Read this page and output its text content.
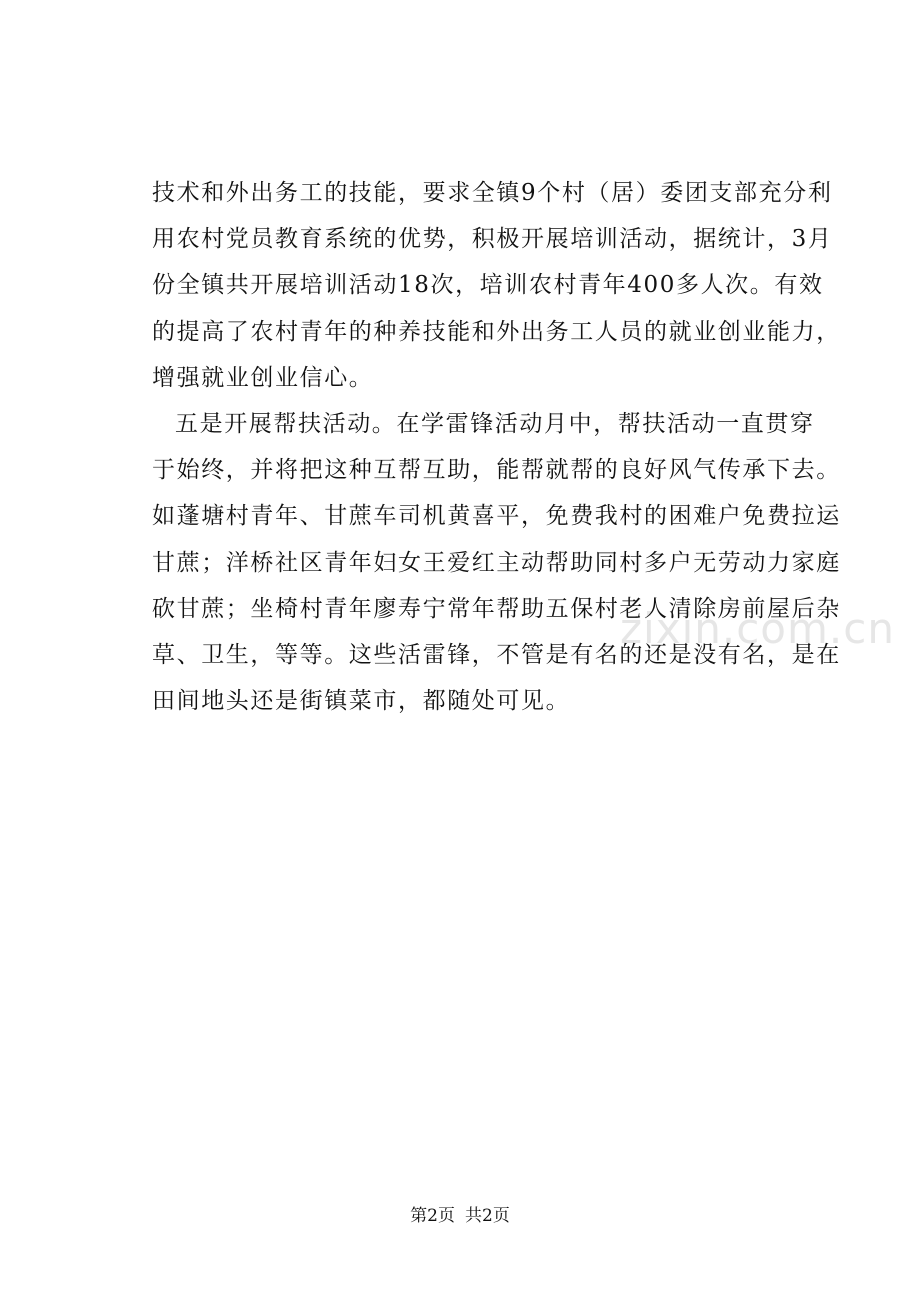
zixin.com.cn
技术和外出务工的技能，要求全镇9个村（居）委团支部充分利
用农村党员教育系统的优势，积极开展培训活动，据统计，3月
份全镇共开展培训活动18次，培训农村青年400多人次。有效
的提高了农村青年的种养技能和外出务工人员的就业创业能力，
增强就业创业信心。
五是开展帮扶活动。在学雷锋活动月中，帮扶活动一直贯穿
于始终，并将把这种互帮互助，能帮就帮的良好风气传承下去。
如蓬塘村青年、甘蔗车司机黄喜平，免费我村的困难户免费拉运
甘蔗；洋桥社区青年妇女王爱红主动帮助同村多户无劳动力家庭
砍甘蔗；坐椅村青年廖寿宁常年帮助五保村老人清除房前屋后杂
草、卫生，等等。这些活雷锋，不管是有名的还是没有名，是在
田间地头还是街镇菜市，都随处可见。
第2页 共2页
